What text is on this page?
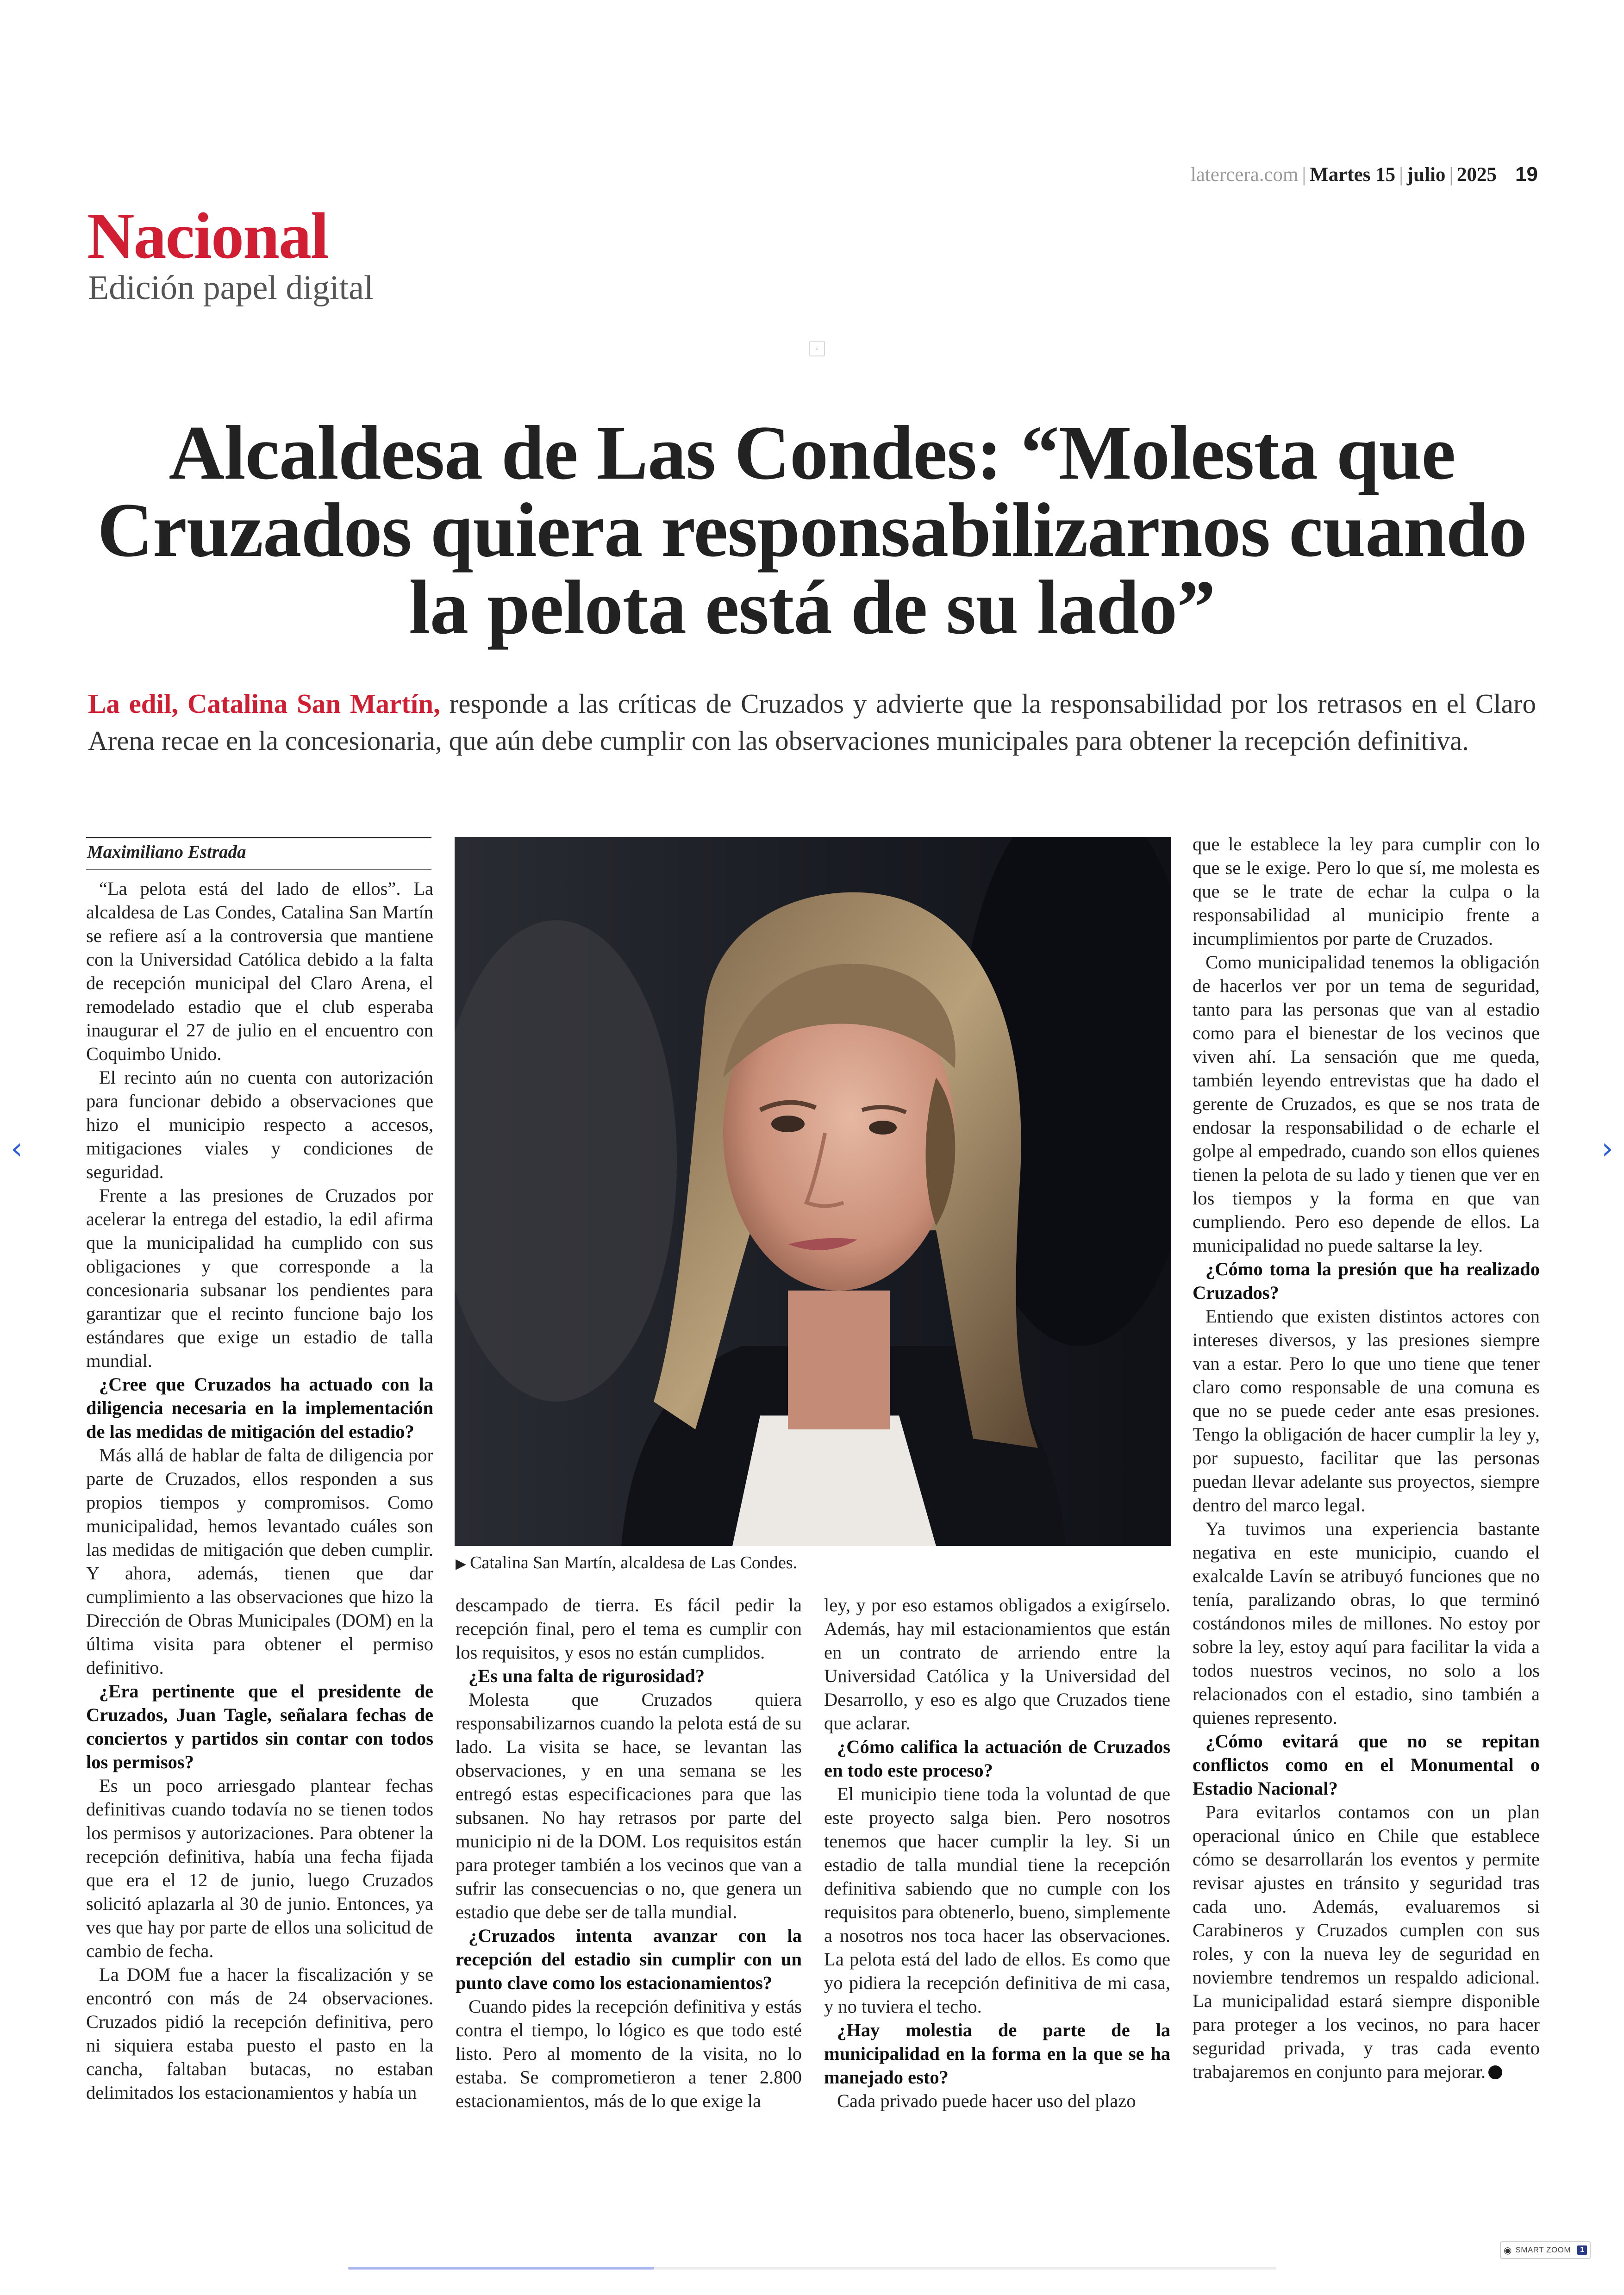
latercera.com | Martes 15 | julio | 2025 19
Nacional
Edición papel digital
▫
Alcaldesa de Las Condes: “Molesta que Cruzados quiera responsabilizarnos cuando la pelota está de su lado”

La edil, Catalina San Martín, responde a las críticas de Cruzados y advierte que la responsabilidad por los retrasos en el Claro Arena recae en la concesionaria, que aún debe cumplir con las observaciones municipales para obtener la recepción definitiva.

Maximiliano Estrada

“La pelota está del lado de ellos”. La alcaldesa de Las Condes, Catalina San Martín se refiere así a la controversia que mantiene con la Universidad Católica debido a la falta de recepción municipal del Claro Arena, el remodelado estadio que el club esperaba inaugurar el 27 de julio en el encuentro con Coquimbo Unido.

El recinto aún no cuenta con autorización para funcionar debido a observaciones que hizo el municipio respecto a accesos, mitigaciones viales y condiciones de seguridad.

Frente a las presiones de Cruzados por acelerar la entrega del estadio, la edil afirma que la municipalidad ha cumplido con sus obligaciones y que corresponde a la concesionaria subsanar los pendientes para garantizar que el recinto funcione bajo los estándares que exige un estadio de talla mundial.

¿Cree que Cruzados ha actuado con la diligencia necesaria en la implementación de las medidas de mitigación del estadio?

Más allá de hablar de falta de diligencia por parte de Cruzados, ellos responden a sus propios tiempos y compromisos. Como municipalidad, hemos levantado cuáles son las medidas de mitigación que deben cumplir. Y ahora, además, tienen que dar cumplimiento a las observaciones que hizo la Dirección de Obras Municipales (DOM) en la última visita para obtener el permiso definitivo.

¿Era pertinente que el presidente de Cruzados, Juan Tagle, señalara fechas de conciertos y partidos sin contar con todos los permisos?

Es un poco arriesgado plantear fechas definitivas cuando todavía no se tienen todos los permisos y autorizaciones. Para obtener la recepción definitiva, había una fecha fijada que era el 12 de junio, luego Cruzados solicitó aplazarla al 30 de junio. Entonces, ya ves que hay por parte de ellos una solicitud de cambio de fecha.

La DOM fue a hacer la fiscalización y se encontró con más de 24 observaciones. Cruzados pidió la recepción definitiva, pero ni siquiera estaba puesto el pasto en la cancha, faltaban butacas, no estaban delimitados los estacionamientos y había un

descampado de tierra. Es fácil pedir la recepción final, pero el tema es cumplir con los requisitos, y esos no están cumplidos.

¿Es una falta de rigurosidad?

Molesta que Cruzados quiera responsabilizarnos cuando la pelota está de su lado. La visita se hace, se levantan las observaciones, y en una semana se les entregó estas especificaciones para que las subsanen. No hay retrasos por parte del municipio ni de la DOM. Los requisitos están para proteger también a los vecinos que van a sufrir las consecuencias o no, que genera un estadio que debe ser de talla mundial.

¿Cruzados intenta avanzar con la recepción del estadio sin cumplir con un punto clave como los estacionamientos?

Cuando pides la recepción definitiva y estás contra el tiempo, lo lógico es que todo esté listo. Pero al momento de la visita, no lo estaba. Se comprometieron a tener 2.800 estacionamientos, más de lo que exige la

ley, y por eso estamos obligados a exigírselo. Además, hay mil estacionamientos que están en un contrato de arriendo entre la Universidad Católica y la Universidad del Desarrollo, y eso es algo que Cruzados tiene que aclarar.

¿Cómo califica la actuación de Cruzados en todo este proceso?

El municipio tiene toda la voluntad de que este proyecto salga bien. Pero nosotros tenemos que hacer cumplir la ley. Si un estadio de talla mundial tiene la recepción definitiva sabiendo que no cumple con los requisitos para obtenerlo, bueno, simplemente a nosotros nos toca hacer las observaciones. La pelota está del lado de ellos. Es como que yo pidiera la recepción definitiva de mi casa, y no tuviera el techo.

¿Hay molestia de parte de la municipalidad en la forma en la que se ha manejado esto?

Cada privado puede hacer uso del plazo

que le establece la ley para cumplir con lo que se le exige. Pero lo que sí, me molesta es que se le trate de echar la culpa o la responsabilidad al municipio frente a incumplimientos por parte de Cruzados.

Como municipalidad tenemos la obligación de hacerlos ver por un tema de seguridad, tanto para las personas que van al estadio como para el bienestar de los vecinos que viven ahí. La sensación que me queda, también leyendo entrevistas que ha dado el gerente de Cruzados, es que se nos trata de endosar la responsabilidad o de echarle el golpe al empedrado, cuando son ellos quienes tienen la pelota de su lado y tienen que ver en los tiempos y la forma en que van cumpliendo. Pero eso depende de ellos. La municipalidad no puede saltarse la ley.

¿Cómo toma la presión que ha realizado Cruzados?

Entiendo que existen distintos actores con intereses diversos, y las presiones siempre van a estar. Pero lo que uno tiene que tener claro como responsable de una comuna es que no se puede ceder ante esas presiones. Tengo la obligación de hacer cumplir la ley y, por supuesto, facilitar que las personas puedan llevar adelante sus proyectos, siempre dentro del marco legal.

Ya tuvimos una experiencia bastante negativa en este municipio, cuando el exalcalde Lavín se atribuyó funciones que no tenía, paralizando obras, lo que terminó costándonos miles de millones. No estoy por sobre la ley, estoy aquí para facilitar la vida a todos nuestros vecinos, no solo a los relacionados con el estadio, sino también a quienes represento.

¿Cómo evitará que no se repitan conflictos como en el Monumental o Estadio Nacional?

Para evitarlos contamos con un plan operacional único en Chile que establece cómo se desarrollarán los eventos y permite revisar ajustes en tránsito y seguridad tras cada uno. Además, evaluaremos si Carabineros y Cruzados cumplen con sus roles, y con la nueva ley de seguridad en noviembre tendremos un respaldo adicional. La municipalidad estará siempre disponible para proteger a los vecinos, no para hacer seguridad privada, y tras cada evento trabajaremos en conjunto para mejorar.

▶ Catalina San Martín, alcaldesa de Las Condes.
‹	›
◉ SMART ZOOM	1
